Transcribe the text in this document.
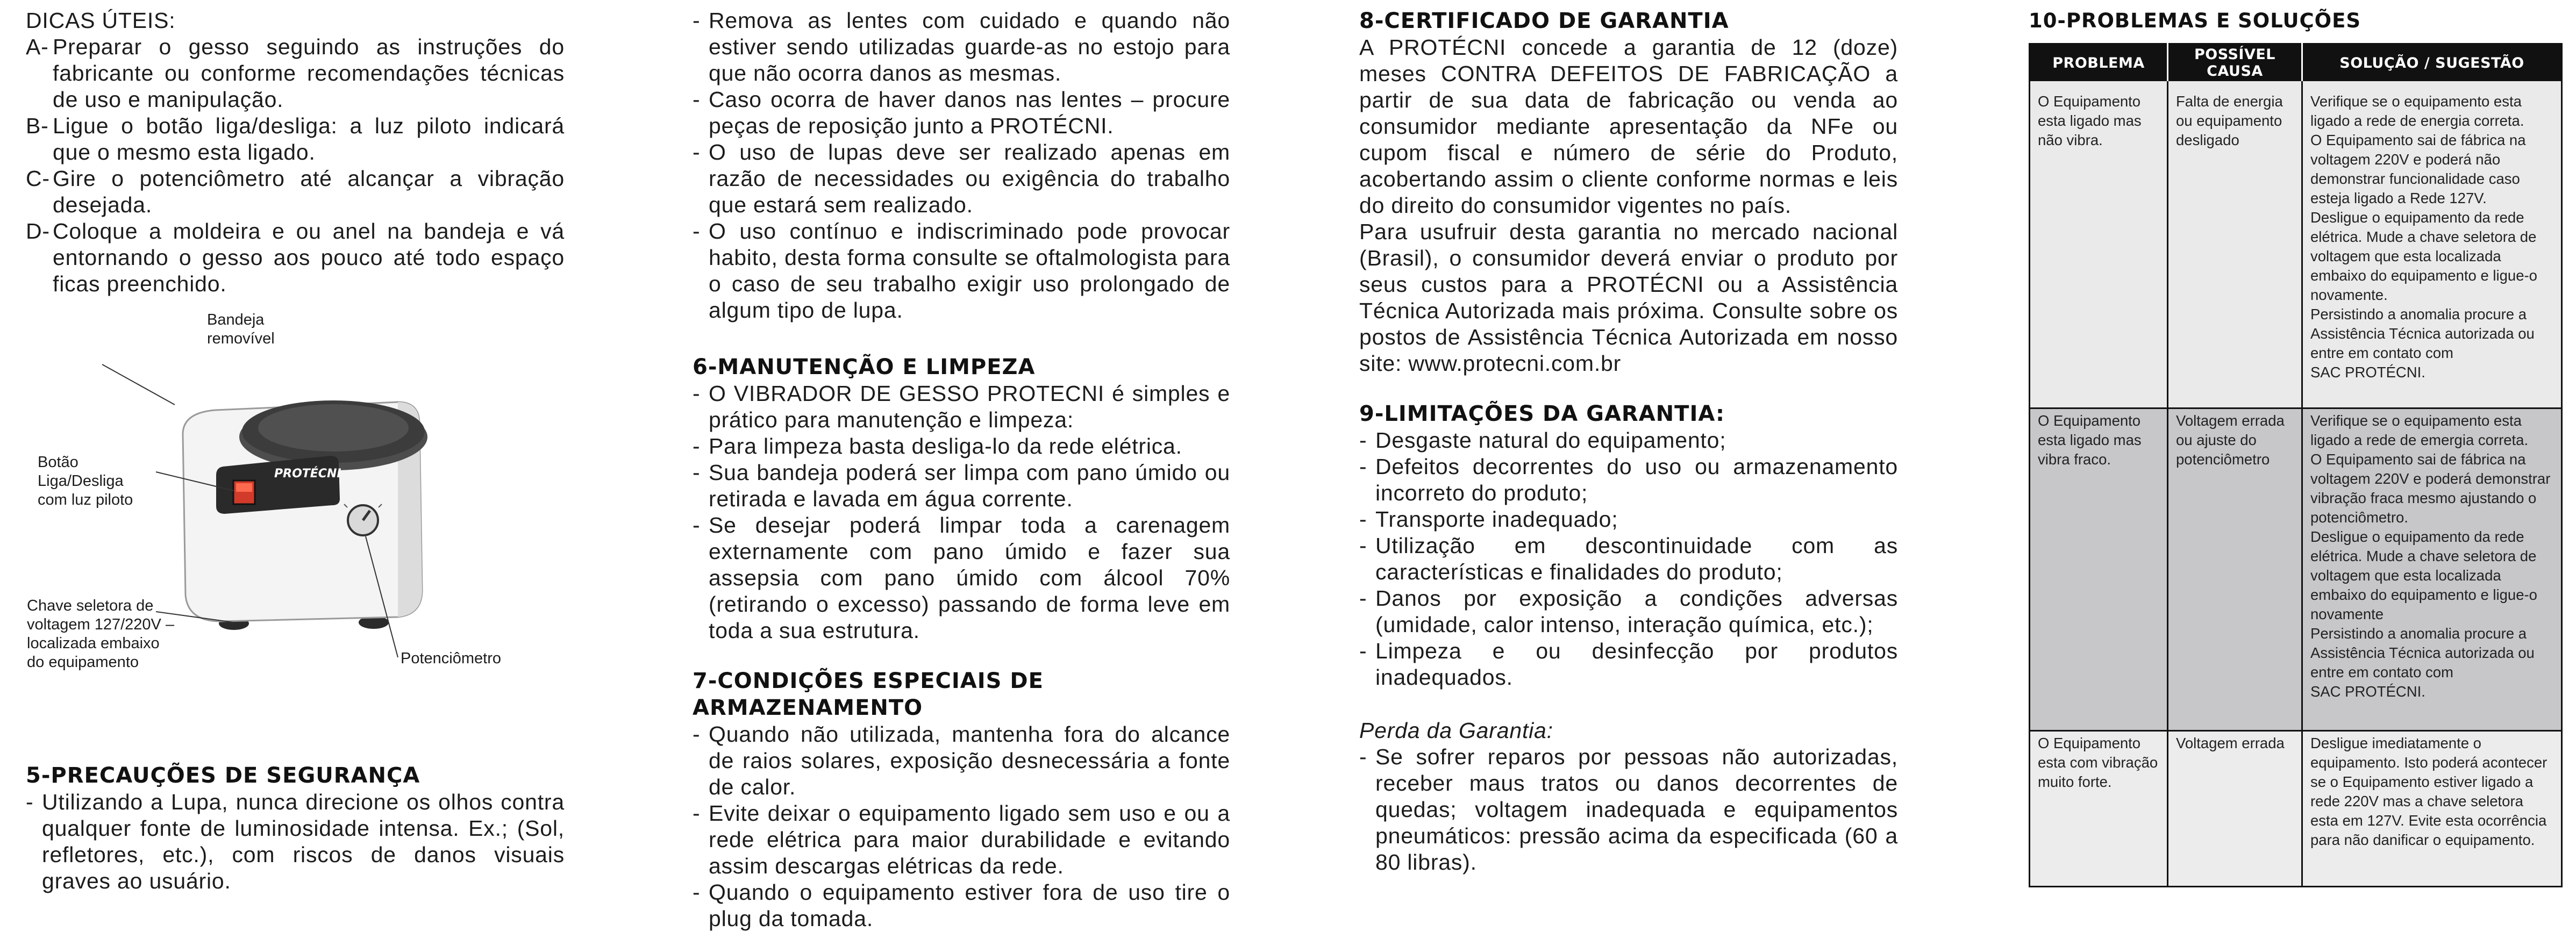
DICAS ÚTEIS:
A- Preparar o gesso seguindo as instruções do fabricante ou conforme recomendações técnicas de uso e manipulação.
B- Ligue o botão liga/desliga: a luz piloto indicará que o mesmo esta ligado.
C- Gire o potenciômetro até alcançar a vibração desejada.
D- Coloque a moldeira e ou anel na bandeja e vá entornando o gesso aos pouco até todo espaço ficas preenchido.
PROTÉCNI
Bandeja
removível
Botão
Liga/Desliga
com luz piloto
Chave seletora de
voltagem 127/220V –
localizada embaixo
do equipamento	Potenciômetro
5-PRECAUÇÕES DE SEGURANÇA
- Utilizando a Lupa, nunca direcione os olhos contra qualquer fonte de luminosidade intensa. Ex.; (Sol, refletores, etc.), com riscos de danos visuais graves ao usuário.
- Remova as lentes com cuidado e quando não estiver sendo utilizadas guarde-as no estojo para que não ocorra danos as mesmas.
- Caso ocorra de haver danos nas lentes – procure peças de reposição junto a PROTÉCNI.
- O uso de lupas deve ser realizado apenas em razão de necessidades ou exigência do trabalho que estará sem realizado.
- O uso contínuo e indiscriminado pode provocar habito, desta forma consulte se oftalmologista para o caso de seu trabalho exigir uso prolongado de algum tipo de lupa.
6-MANUTENÇÃO E LIMPEZA
- O VIBRADOR DE GESSO PROTECNI é simples e prático para manutenção e limpeza:
- Para limpeza basta desliga-lo da rede elétrica.
- Sua bandeja poderá ser limpa com pano úmido ou retirada e lavada em água corrente.
- Se desejar poderá limpar toda a carenagem externamente com pano úmido e fazer sua assepsia com pano úmido com álcool 70% (retirando o excesso) passando de forma leve em toda a sua estrutura.
7-CONDIÇÕES ESPECIAIS DE ARMAZENAMENTO
- Quando não utilizada, mantenha fora do alcance de raios solares, exposição desnecessária a fonte de calor.
- Evite deixar o equipamento ligado sem uso e ou a rede elétrica para maior durabilidade e evitando assim descargas elétricas da rede.
- Quando o equipamento estiver fora de uso tire o plug da tomada.
8-CERTIFICADO DE GARANTIA

A PROTÉCNI concede a garantia de 12 (doze) meses CONTRA DEFEITOS DE FABRICAÇÃO a partir de sua data de fabricação ou venda ao consumidor mediante apresentação da NFe ou cupom fiscal e número de série do Produto, acobertando assim o cliente conforme normas e leis do direito do consumidor vigentes no país.

Para usufruir desta garantia no mercado nacional (Brasil), o consumidor deverá enviar o produto por seus custos para a PROTÉCNI ou a Assistência Técnica Autorizada mais próxima. Consulte sobre os postos de Assistência Técnica Autorizada em nosso site: www.protecni.com.br

9-LIMITAÇÕES DA GARANTIA:
- Desgaste natural do equipamento;
- Defeitos decorrentes do uso ou armazenamento incorreto do produto;
- Transporte inadequado;
- Utilização em descontinuidade com as características e finalidades do produto;
- Danos por exposição a condições adversas (umidade, calor intenso, interação química, etc.);
- Limpeza e ou desinfecção por produtos inadequados.

Perda da Garantia:

- Se sofrer reparos por pessoas não autorizadas, receber maus tratos ou danos decorrentes de quedas; voltagem inadequada e equipamentos pneumáticos: pressão acima da especificada (60 a 80 libras).
10-PROBLEMAS E SOLUÇÕES
PROBLEMA	POSSÍVEL CAUSA	SOLUÇÃO / SUGESTÃO

O Equipamento esta ligado mas não vibra.	Falta de energia ou equipamento desligado	Verifique se o equipamento esta ligado a rede de energia correta.
O Equipamento sai de fábrica na voltagem 220V e poderá não demonstrar funcionalidade caso esteja ligado a Rede 127V.
Desligue o equipamento da rede elétrica. Mude a chave seletora de voltagem que esta localizada embaixo do equipamento e ligue-o novamente.
Persistindo a anomalia procure a Assistência Técnica autorizada ou entre em contato com
SAC PROTÉCNI.

O Equipamento esta ligado mas vibra fraco.	Voltagem errada ou ajuste do potenciômetro	Verifique se o equipamento esta ligado a rede de emergia correta.
O Equipamento sai de fábrica na voltagem 220V e poderá demonstrar vibração fraca mesmo ajustando o potenciômetro.
Desligue o equipamento da rede elétrica. Mude a chave seletora de voltagem que esta localizada embaixo do equipamento e ligue-o novamente
Persistindo a anomalia procure a Assistência Técnica autorizada ou entre em contato com
SAC PROTÉCNI.

O Equipamento esta com vibração muito forte.	Voltagem errada	Desligue imediatamente o equipamento. Isto poderá acontecer se o Equipamento estiver ligado a rede 220V mas a chave seletora esta em 127V. Evite esta ocorrência para não danificar o equipamento.
